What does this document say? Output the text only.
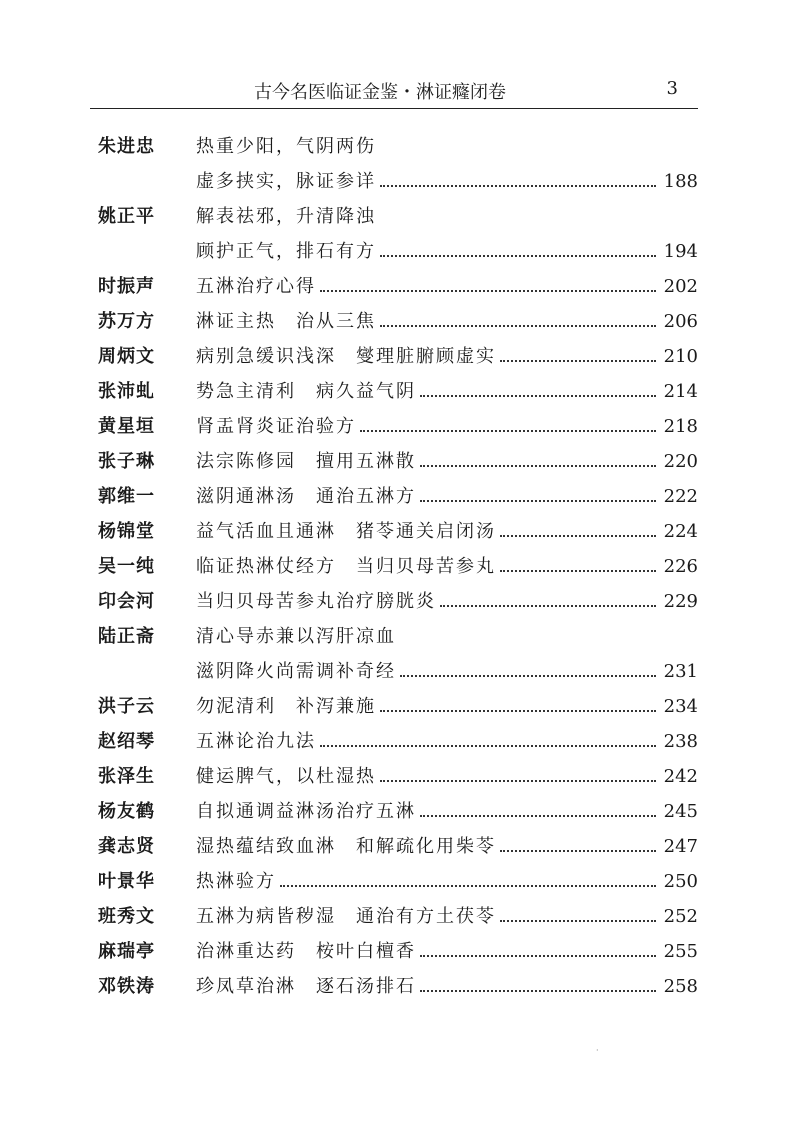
古今名医临证金鉴・淋证癃闭卷	3
朱进忠	热重少阳，气阴两伤
虚多挟实，脉证参详	188
姚正平	解表祛邪，升清降浊
顾护正气，排石有方	194
时振声	五淋治疗心得	202
苏万方	淋证主热　治从三焦	206
周炳文	病别急缓识浅深　燮理脏腑顾虚实	210
张沛虬	势急主清利　病久益气阴	214
黄星垣	肾盂肾炎证治验方	218
张子琳	法宗陈修园　擅用五淋散	220
郭维一	滋阴通淋汤　通治五淋方	222
杨锦堂	益气活血且通淋　猪苓通关启闭汤	224
吴一纯	临证热淋仗经方　当归贝母苦参丸	226
印会河	当归贝母苦参丸治疗膀胱炎	229
陆正斋	清心导赤兼以泻肝凉血
滋阴降火尚需调补奇经	231
洪子云	勿泥清利　补泻兼施	234
赵绍琴	五淋论治九法	238
张泽生	健运脾气，以杜湿热	242
杨友鹤	自拟通调益淋汤治疗五淋	245
龚志贤	湿热蕴结致血淋　和解疏化用柴苓	247
叶景华	热淋验方	250
班秀文	五淋为病皆秽湿　通治有方土茯苓	252
麻瑞亭	治淋重达药　桉叶白檀香	255
邓铁涛	珍凤草治淋　逐石汤排石	258
·
